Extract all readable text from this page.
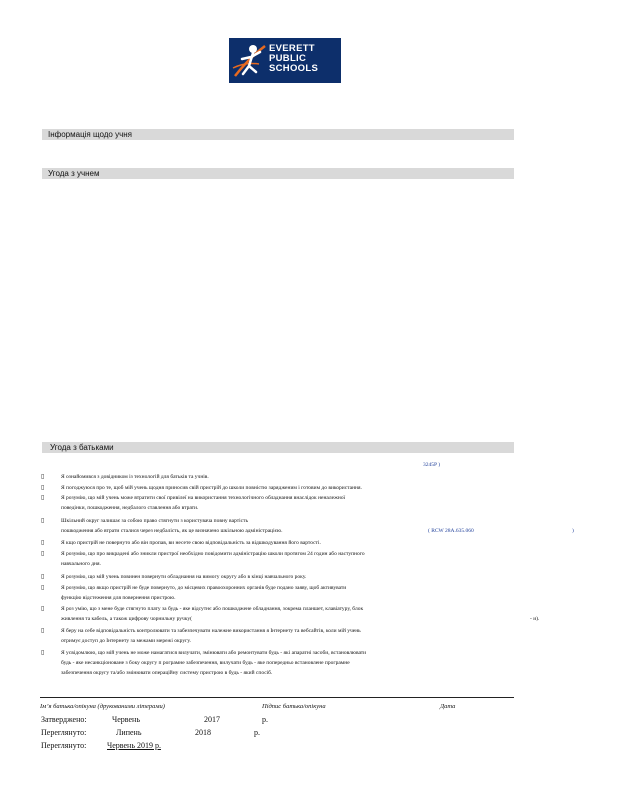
EVERETT
PUBLIC
SCHOOLS
Інформація щодо учня
Угода з учнем
Угода з батьками
3245P )
▯	Я ознайомився з довідником із технологій для батьків та учнів.
▯	Я погоджуюся про те, щоб мій учень щодня приносив свій пристрій до школи повністю зарядженим і готовим до використання.
▯	Я розумію, що мій учень може втратити свої привілеї на використання технологічного обладнання внаслідок неналежної
поведінки, пошкодження, недбалого ставлення або втрати.
▯	Шкільний округ залишає за собою право стягнути з користувача повну вартість
пошкодження або втрати сталися через недбалість, як це визначено шкільною адміністрацією.	( RCW 28A.635.060	)
▯	Я кщо пристрій не повернуто або він пропав, ви несете свою відповідальність за відшкодування його вартості.
▯	Я розумію, що про викрадені або зникли пристрої необхідно повідомити адміністрацію школи протягом 24 годин або наступного
навчального дня.
▯	Я розумію, що мій учень повинен повернути обладнання на вимогу округу або в кінці навчального року.
▯	Я розумію, що якщо пристрій не буде повернуто, до місцевих правоохоронних органів буде подано заяву, щоб активувати
функцію відстеження для повернення пристрою.
▯	Я роз умію, що з мене буде стягнуто плату за будь - яке відсутнє або пошкоджене обладнання, зокрема планшет, клавіатуру, блок
живлення та кабель, а також цифрову чорнильну ручку(	- и).
▯	Я беру на себе відповідальність контролювати та забезпечувати належне використання я Інтернету та вебсайтів, коли мій учень
отримує доступ до Інтернету за межами мережі округу.
▯	Я усвідомлюю, що мій учень не може намагатися вилучати, змінювати або ремонтувати будь - які апаратні засоби, встановлювати
будь - яке несанкціоноване з боку округу п рограмне забезпечення, вилучати будь - яке попередньо встановлене програмне
забезпечення округу та/або змінювати операційну систему пристрою в будь - який спосіб.
Ім’я батька/опікуна (друкованими літерами)	Підпис батька/опікуна	Дата
Затверджено:	Червень	2017	р.
Переглянуто:	Липень	2018	р.
Переглянуто:	Червень 2019 р.
